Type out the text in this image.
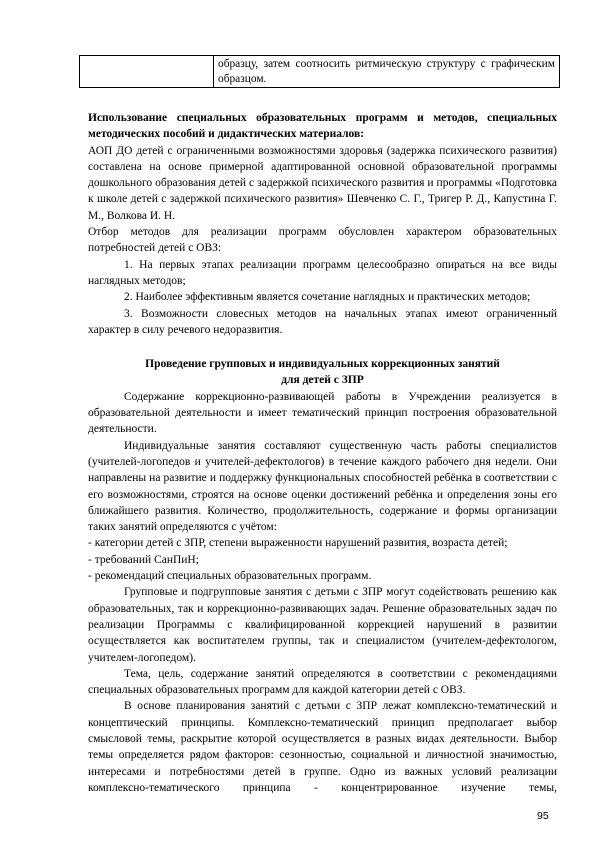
	образцу, затем соотносить ритмическую структуру с графическим образцом.

Использование специальных образовательных программ и методов, специальных методических пособий и дидактических материалов:

АОП ДО детей с ограниченными возможностями здоровья (задержка психического развития) составлена на основе примерной адаптированной основной образовательной программы дошкольного образования детей с задержкой психического развития и программы «Подготовка к школе детей с задержкой психического развития» Шевченко С. Г., Тригер Р. Д., Капустина Г. М., Волкова И. Н.

Отбор методов для реализации программ обусловлен характером образовательных потребностей детей с ОВЗ:

1. На первых этапах реализации программ целесообразно опираться на все виды наглядных методов;

2. Наиболее эффективным является сочетание наглядных и практических методов;

3. Возможности словесных методов на начальных этапах имеют ограниченный характер в силу речевого недоразвития.

Проведение групповых и индивидуальных коррекционных занятий

для детей с ЗПР

Содержание коррекционно-развивающей работы в Учреждении реализуется в образовательной деятельности и имеет тематический принцип построения образовательной деятельности.

Индивидуальные занятия составляют существенную часть работы специалистов (учителей-логопедов и учителей-дефектологов) в течение каждого рабочего дня недели. Они направлены на развитие и поддержку функциональных способностей ребёнка в соответствии с его возможностями, строятся на основе оценки достижений ребёнка и определения зоны его ближайшего развития. Количество, продолжительность, содержание и формы организации таких занятий определяются с учётом:

- категории детей с ЗПР, степени выраженности нарушений развития, возраста детей;

- требований СанПиН;

- рекомендаций специальных образовательных программ.

Групповые и подгрупповые занятия с детьми с ЗПР могут содействовать решению как образовательных, так и коррекционно-развивающих задач. Решение образовательных задач по реализации Программы с квалифицированной коррекцией нарушений в развитии осуществляется как воспитателем группы, так и специалистом (учителем-дефектологом, учителем-логопедом).

Тема, цель, содержание занятий определяются в соответствии с рекомендациями специальных образовательных программ для каждой категории детей с ОВЗ.

В основе планирования занятий с детьми с ЗПР лежат комплексно-тематический и концептический принципы. Комплексно-тематический принцип предполагает выбор смысловой темы, раскрытие которой осуществляется в разных видах деятельности. Выбор темы определяется рядом факторов: сезонностью, социальной и личностной значимостью, интересами и потребностями детей в группе. Одно из важных условий реализации комплексно-тематического принципа - концентрированное изучение темы,

95
